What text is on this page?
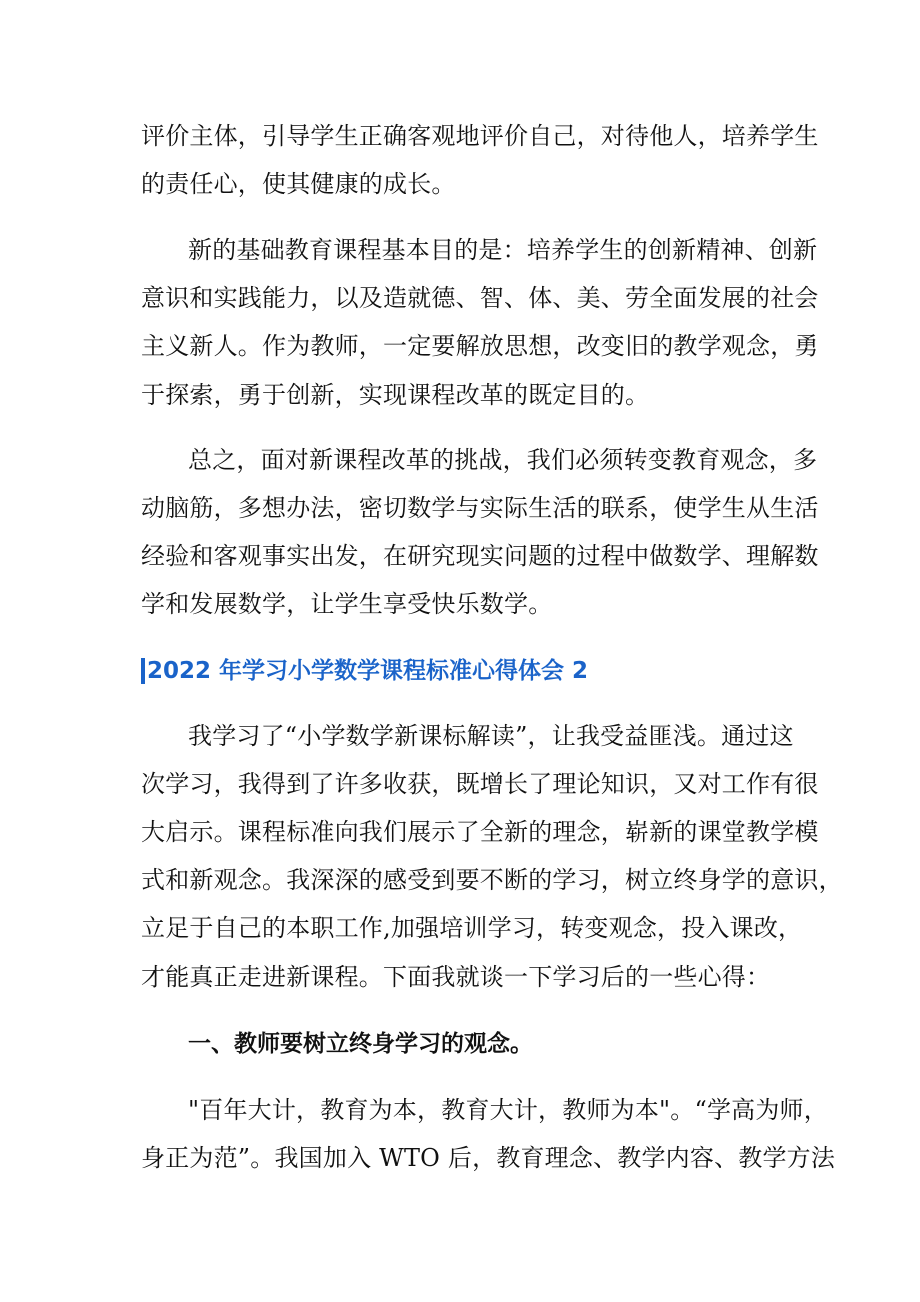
评价主体，引导学生正确客观地评价自己，对待他人，培养学生
的责任心，使其健康的成长。
新的基础教育课程基本目的是：培养学生的创新精神、创新
意识和实践能力，以及造就德、智、体、美、劳全面发展的社会
主义新人。作为教师，一定要解放思想，改变旧的教学观念，勇
于探索，勇于创新，实现课程改革的既定目的。
总之，面对新课程改革的挑战，我们必须转变教育观念，多
动脑筋，多想办法，密切数学与实际生活的联系，使学生从生活
经验和客观事实出发，在研究现实问题的过程中做数学、理解数
学和发展数学，让学生享受快乐数学。
2022 年学习小学数学课程标准心得体会 2
我学习了“小学数学新课标解读”，让我受益匪浅。通过这
次学习，我得到了许多收获，既增长了理论知识，又对工作有很
大启示。课程标准向我们展示了全新的理念，崭新的课堂教学模
式和新观念。我深深的感受到要不断的学习，树立终身学的意识，
立足于自己的本职工作,加强培训学习，转变观念，投入课改，
才能真正走进新课程。下面我就谈一下学习后的一些心得：
一、教师要树立终身学习的观念。
"百年大计，教育为本，教育大计，教师为本"。“学高为师，
身正为范”。我国加入 WTO 后，教育理念、教学内容、教学方法
